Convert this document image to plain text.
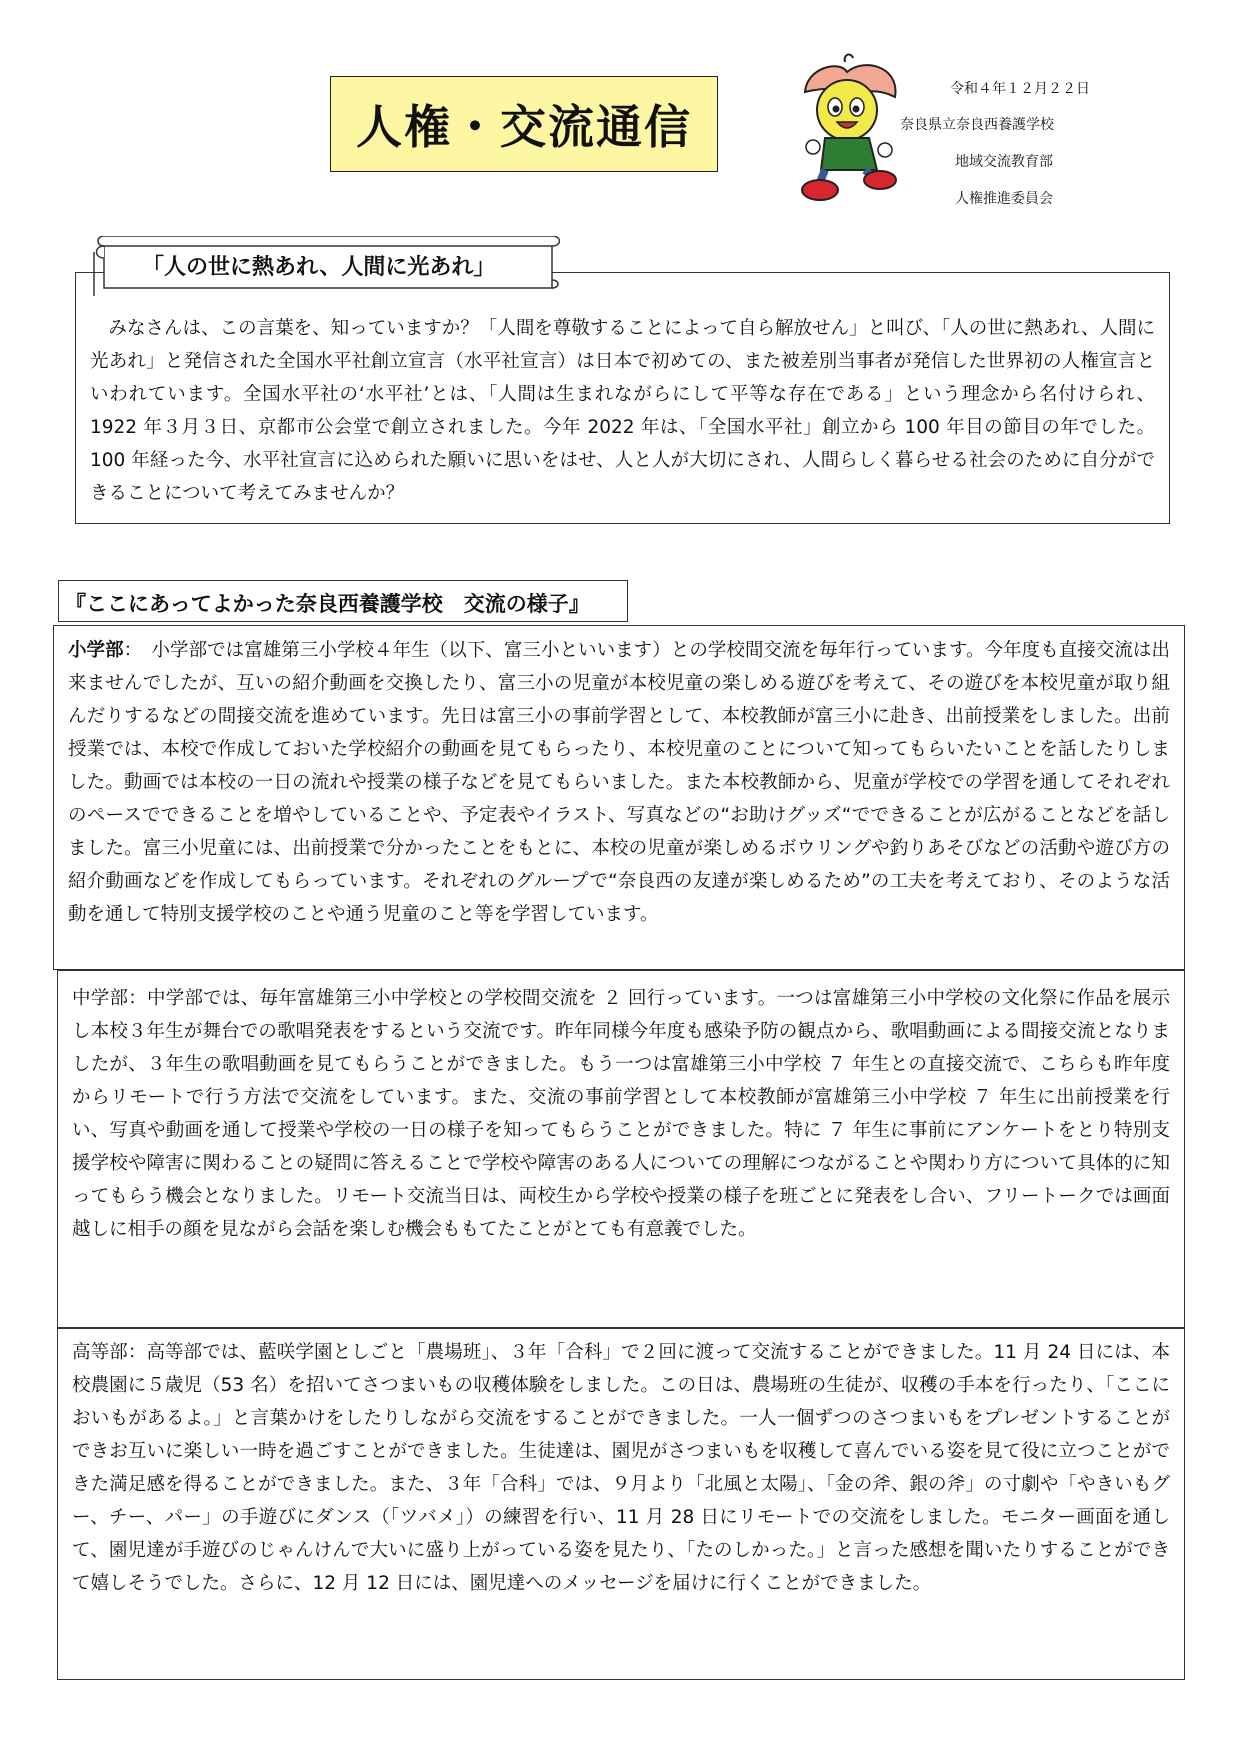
人権・交流通信
令和４年１２月２２日
奈良県立奈良西養護学校
地域交流教育部
人権推進委員会
「人の世に熱あれ、人間に光あれ」

みなさんは、この言葉を、知っていますか？「人間を尊敬することによって自ら解放せん」と叫び、「人の世に熱あれ、人間に光あれ」と発信された全国水平社創立宣言（水平社宣言）は日本で初めての、また被差別当事者が発信した世界初の人権宣言といわれています。全国水平社の‘水平社’とは、「人間は生まれながらにして平等な存在である」という理念から名付けられ、1922 年３月３日、京都市公会堂で創立されました。今年 2022 年は、「全国水平社」創立から 100 年目の節目の年でした。100 年経った今、水平社宣言に込められた願いに思いをはせ、人と人が大切にされ、人間らしく暮らせる社会のために自分ができることについて考えてみませんか？

『ここにあってよかった奈良西養護学校　交流の様子』

小学部：　小学部では富雄第三小学校４年生（以下、富三小といいます）との学校間交流を毎年行っています。今年度も直接交流は出来ませんでしたが、互いの紹介動画を交換したり、富三小の児童が本校児童の楽しめる遊びを考えて、その遊びを本校児童が取り組んだりするなどの間接交流を進めています。先日は富三小の事前学習として、本校教師が富三小に赴き、出前授業をしました。出前授業では、本校で作成しておいた学校紹介の動画を見てもらったり、本校児童のことについて知ってもらいたいことを話したりしました。動画では本校の一日の流れや授業の様子などを見てもらいました。また本校教師から、児童が学校での学習を通してそれぞれのペースでできることを増やしていることや、予定表やイラスト、写真などの“お助けグッズ“でできることが広がることなどを話しました。富三小児童には、出前授業で分かったことをもとに、本校の児童が楽しめるボウリングや釣りあそびなどの活動や遊び方の紹介動画などを作成してもらっています。それぞれのグループで“奈良西の友達が楽しめるため”の工夫を考えており、そのような活動を通して特別支援学校のことや通う児童のこと等を学習しています。

中学部：中学部では、毎年富雄第三小中学校との学校間交流を ２ 回行っています。一つは富雄第三小中学校の文化祭に作品を展示し本校３年生が舞台での歌唱発表をするという交流です。昨年同様今年度も感染予防の観点から、歌唱動画による間接交流となりましたが、３年生の歌唱動画を見てもらうことができました。もう一つは富雄第三小中学校 ７ 年生との直接交流で、こちらも昨年度からリモートで行う方法で交流をしています。また、交流の事前学習として本校教師が富雄第三小中学校 ７ 年生に出前授業を行い、写真や動画を通して授業や学校の一日の様子を知ってもらうことができました。特に ７ 年生に事前にアンケートをとり特別支援学校や障害に関わることの疑問に答えることで学校や障害のある人についての理解につながることや関わり方について具体的に知ってもらう機会となりました。リモート交流当日は、両校生から学校や授業の様子を班ごとに発表をし合い、フリートークでは画面越しに相手の顔を見ながら会話を楽しむ機会ももてたことがとても有意義でした。

高等部：高等部では、藍咲学園としごと「農場班」、３年「合科」で２回に渡って交流することができました。11 月 24 日には、本校農園に５歳児（53 名）を招いてさつまいもの収穫体験をしました。この日は、農場班の生徒が、収穫の手本を行ったり、「ここにおいもがあるよ。」と言葉かけをしたりしながら交流をすることができました。一人一個ずつのさつまいもをプレゼントすることができお互いに楽しい一時を過ごすことができました。生徒達は、園児がさつまいもを収穫して喜んでいる姿を見て役に立つことができた満足感を得ることができました。また、３年「合科」では、９月より「北風と太陽」、「金の斧、銀の斧」の寸劇や「やきいもグー、チー、パー」の手遊びにダンス（「ツバメ」）の練習を行い、11 月 28 日にリモートでの交流をしました。モニター画面を通して、園児達が手遊びのじゃんけんで大いに盛り上がっている姿を見たり、「たのしかった。」と言った感想を聞いたりすることができて嬉しそうでした。さらに、12 月 12 日には、園児達へのメッセージを届けに行くことができました。
